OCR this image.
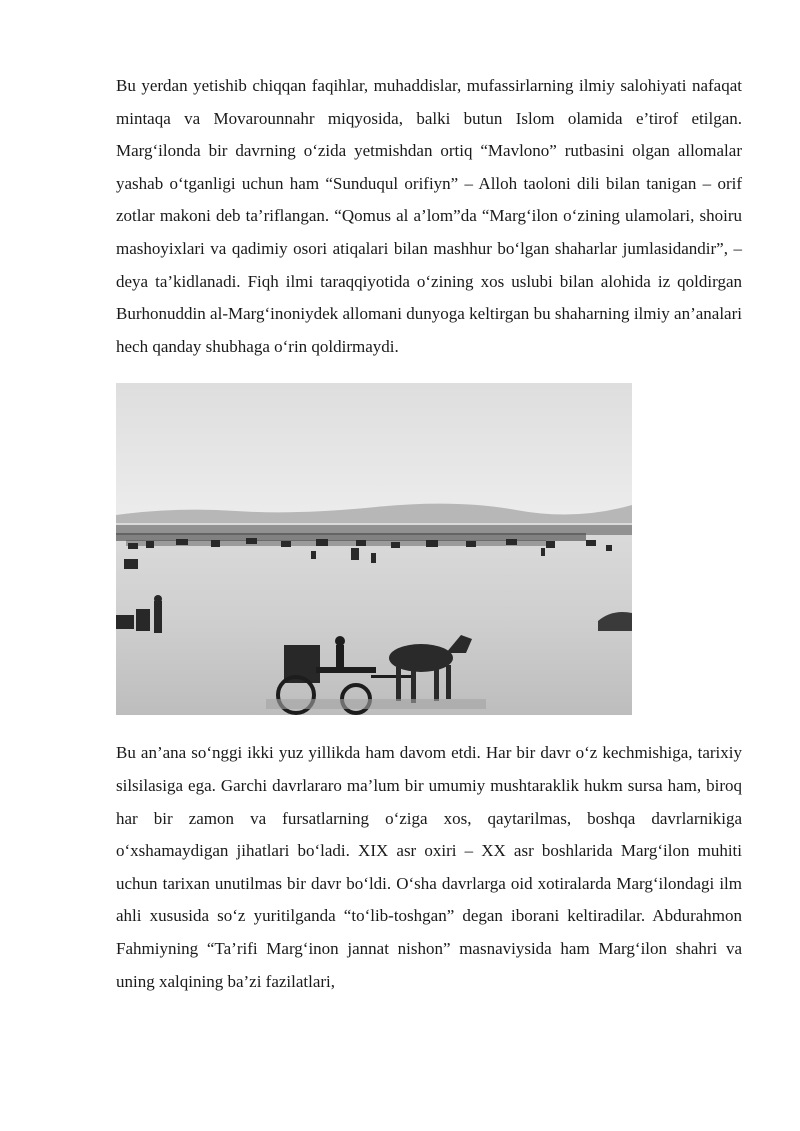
Bu yerdan yetishib chiqqan faqihlar, muhaddislar, mufassirlarning ilmiy salohiyati nafaqat mintaqa va Movarounnahr miqyosida, balki butun Islom olamida e’tirof etilgan. Marg‘ilonda bir davrning o‘zida yetmishdan ortiq “Mavlono” rutbasini olgan allomalar yashab o‘tganligi uchun ham “Sunduqul orifiyn” – Alloh taoloni dili bilan tanigan – orif zotlar makoni deb ta’riflangan. “Qomus al a’lom”da “Marg‘ilon o‘zining ulamolari, shoiru mashoyixlari va qadimiy osori atiqalari bilan mashhur bo‘lgan shaharlar jumlasidandir”, – deya ta’kidlanadi. Fiqh ilmi taraqqiyotida o‘zining xos uslubi bilan alohida iz qoldirgan Burhonuddin al-Marg‘inoniydek allomani dunyoga keltirgan bu shaharning ilmiy an’analari hech qanday shubhaga o‘rin qoldirmaydi.

Bu an’ana so‘nggi ikki yuz yillikda ham davom etdi. Har bir davr o‘z kechmishiga, tarixiy silsilasiga ega. Garchi davrlararo ma’lum bir umumiy mushtaraklik hukm sursa ham, biroq har bir zamon va fursatlarning o‘ziga xos, qaytarilmas, boshqa davrlarnikiga o‘xshamaydigan jihatlari bo‘ladi. XIX asr oxiri – XX asr boshlarida Marg‘ilon muhiti uchun tarixan unutilmas bir davr bo‘ldi. O‘sha davrlarga oid xotiralarda Marg‘ilondagi ilm ahli xususida so‘z yuritilganda “to‘lib-toshgan” degan iborani keltiradilar. Abdurahmon Fahmiyning “Ta’rifi Marg‘inon jannat nishon” masnaviysida ham Marg‘ilon shahri va uning xalqining ba’zi fazilatlari,
